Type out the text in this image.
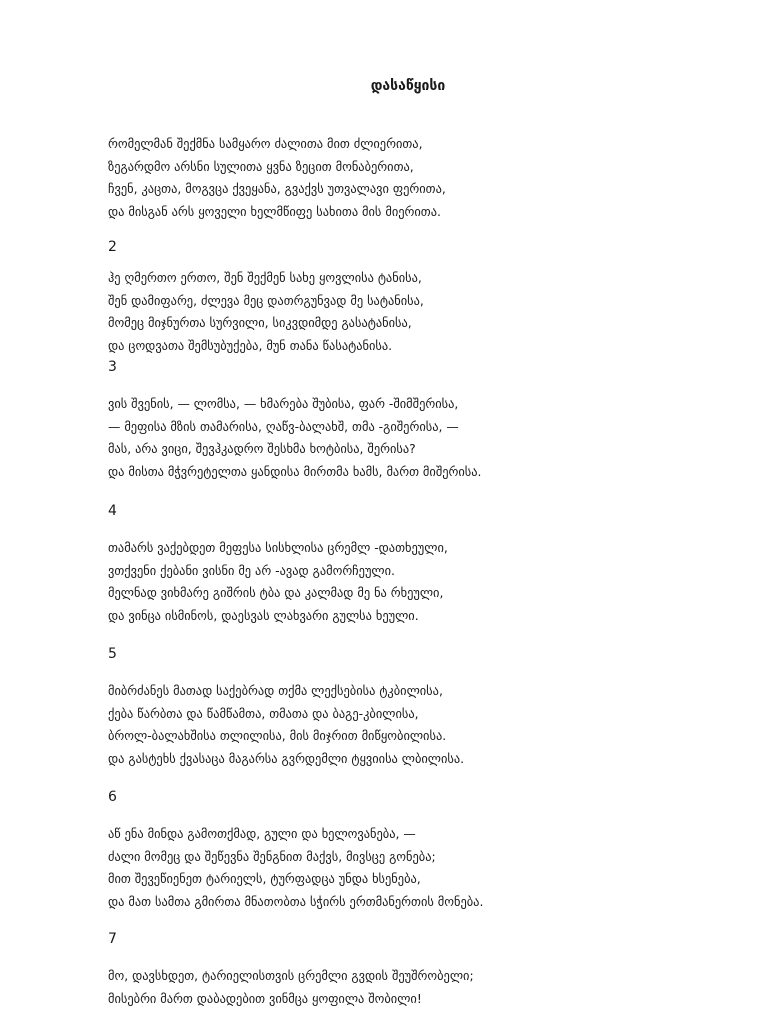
დასაწყისი
რომელმან შექმნა სამყარო ძალითა მით ძლიერითა,
ზეგარდმო არსნი სულითა ყვნა ზეცით მონაბერითა,
ჩვენ, კაცთა, მოგვცა ქვეყანა, გვაქვს უთვალავი ფერითა,
და მისგან არს ყოველი ხელმწიფე სახითა მის მიერითა.
2
ჰე ღმერთო ერთო, შენ შექმენ სახე ყოვლისა ტანისა,
შენ დამიფარე, ძლევა მეც დათრგუნვად მე სატანისა,
მომეც მიჯნურთა სურვილი, სიკვდიმდე გასატანისა,
და ცოდვათა შემსუბუქება, მუნ თანა წასატანისა.
3
ვის შვენის, — ლომსა, — ხმარება შუბისა, ფარ -შიმშერისა,
— მეფისა მზის თამარისა, ღაწვ-ბალახშ, თმა -გიშერისა, —
მას, არა ვიცი, შევჰკადრო შესხმა ხოტბისა, შერისა?
და მისთა მჭვრეტელთა ყანდისა მირთმა ხამს, მართ მიშერისა.
4
თამარს ვაქებდეთ მეფესა სისხლისა ცრემლ -დათხეული,
ვთქვენი ქებანი ვისნი მე არ -ავად გამორჩეული.
მელნად ვიხმარე გიშრის ტბა და კალმად მე ნა რხეული,
და ვინცა ისმინოს, დაესვას ლახვარი გულსა ხეული.
5
მიბრძანეს მათად საქებრად თქმა ლექსებისა ტკბილისა,
ქება წარბთა და წამწამთა, თმათა და ბაგე-კბილისა,
ბროლ-ბალახშისა თლილისა, მის მიჯრით მიწყობილისა.
და გასტეხს ქვასაცა მაგარსა გვრდემლი ტყვიისა ლბილისა.
6
აწ ენა მინდა გამოთქმად, გული და ხელოვანება, —
ძალი მომეც და შეწევნა შენგნით მაქვს, მივსცე გონება;
მით შევეწიენეთ ტარიელს, ტურფადცა უნდა ხსენება,
და მათ სამთა გმირთა მნათობთა სჭირს ერთმანერთის მონება.
7
მო, დავსხდეთ, ტარიელისთვის ცრემლი გვდის შეუშრობელი;
მისებრი მართ დაბადებით ვინმცა ყოფილა შობილი!
